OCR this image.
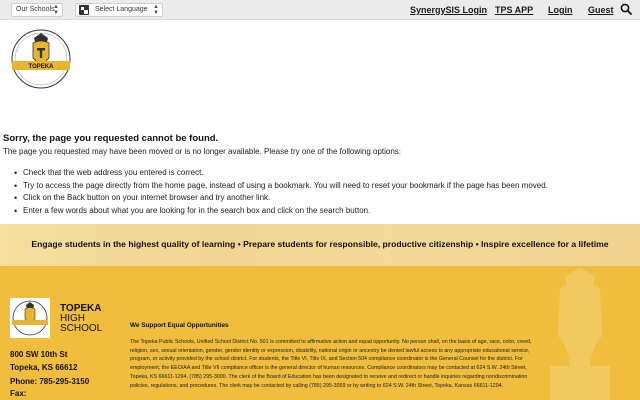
Our Schools
▲
▼	Select Language ▲
▼	SynergySIS Login TPS APP Login Guest
TOPEKA
Sorry, the page you requested cannot be found.
The page you requested may have been moved or is no longer available. Please try one of the following options:
• Check that the web address you entered is correct.
• Try to access the page directly from the home page, instead of using a bookmark. You will need to reset your bookmark if the page has been moved.
• Click on the Back button on your internet browser and try another link.
• Enter a few words about what you are looking for in the search box and click on the search button.
Engage students in the highest quality of learning • Prepare students for responsible, productive citizenship • Inspire excellence for a lifetime
TOPEKA
HIGH
SCHOOL
800 SW 10th St
Topeka, KS 66612
Phone: 785-295-3150
Fax:
We Support Equal Opportunities
The Topeka Public Schools, Unified School District No. 501 is committed to affirmative action and equal opportunity. No person shall, on the basis of age, race, color, creed,
religion, sex, sexual orientation, gender, gender identity or expression, disability, national origin or ancestry be denied lawful access to any appropriate educational service,
program, or activity provided by the school district. For students, the Title VI, Title IX, and Section 504 compliance coordinator is the General Counsel for the district. For
employment, the EEO/AA and Title VII compliance officer is the general director of human resources. Compliance coordinators may be contacted at 624 S.W. 24th Street,
Topeka, KS 66611-1294, (785) 295-3000. The clerk of the Board of Education has been designated to receive and redirect or handle inquiries regarding nondiscrimination
policies, regulations, and procedures. The clerk may be contacted by calling (785) 295-3059 or by writing to 624 S.W. 24th Street, Topeka, Kansas 66611-1294.
